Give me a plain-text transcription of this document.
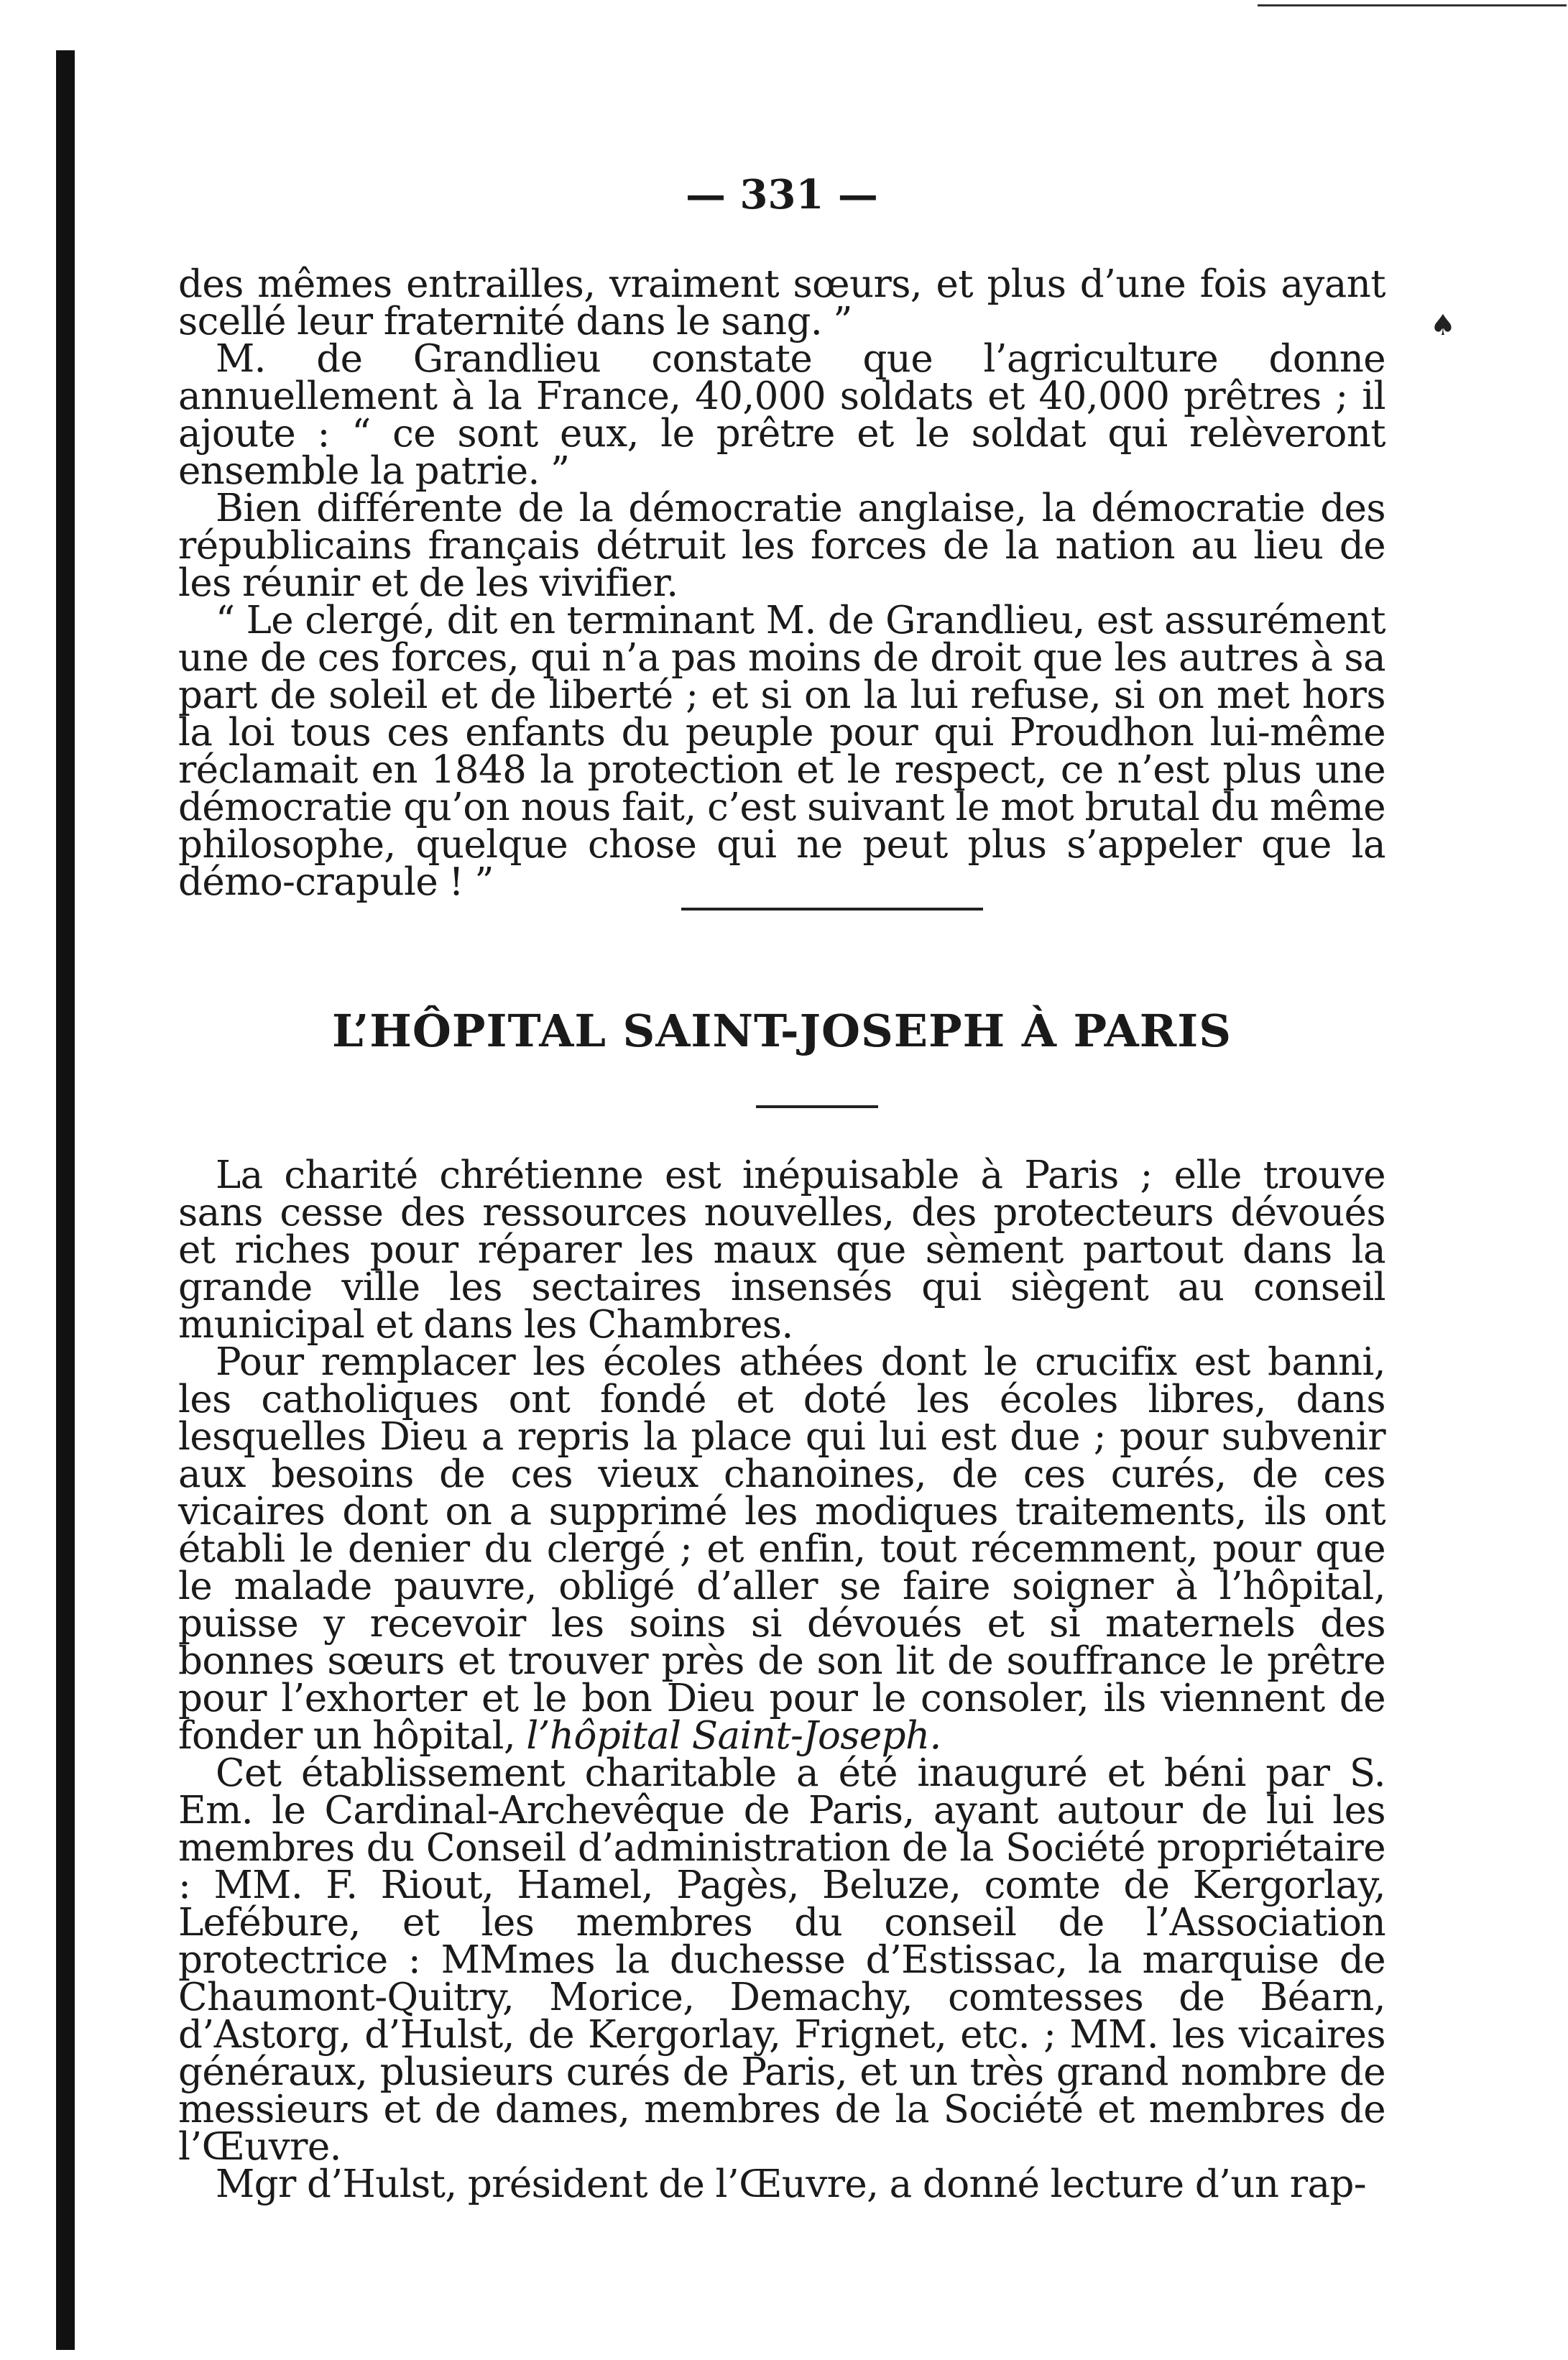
♠
— 331 —

des mêmes entrailles, vraiment sœurs, et plus d’une fois ayant scellé leur fraternité dans le sang. ”

M. de Grandlieu constate que l’agriculture donne annuellement à la France, 40,000 soldats et 40,000 prêtres ; il ajoute : “ ce sont eux, le prêtre et le soldat qui relèveront ensemble la patrie. ”

Bien différente de la démocratie anglaise, la démocratie des républicains français détruit les forces de la nation au lieu de les réunir et de les vivifier.

“ Le clergé, dit en terminant M. de Grandlieu, est assurément une de ces forces, qui n’a pas moins de droit que les autres à sa part de soleil et de liberté ; et si on la lui refuse, si on met hors la loi tous ces enfants du peuple pour qui Proudhon lui-même réclamait en 1848 la protection et le respect, ce n’est plus une démocratie qu’on nous fait, c’est suivant le mot brutal du même philosophe, quelque chose qui ne peut plus s’appeler que la démo-crapule ! ”

L’HÔPITAL SAINT-JOSEPH À PARIS

La charité chrétienne est inépuisable à Paris ; elle trouve sans cesse des ressources nouvelles, des protecteurs dévoués et riches pour réparer les maux que sèment partout dans la grande ville les sectaires insensés qui siègent au conseil municipal et dans les Chambres.

Pour remplacer les écoles athées dont le crucifix est banni, les catholiques ont fondé et doté les écoles libres, dans lesquelles Dieu a repris la place qui lui est due ; pour subvenir aux besoins de ces vieux chanoines, de ces curés, de ces vicaires dont on a supprimé les modiques traitements, ils ont établi le denier du clergé ; et enfin, tout récemment, pour que le malade pauvre, obligé d’aller se faire soigner à l’hôpital, puisse y recevoir les soins si dévoués et si maternels des bonnes sœurs et trouver près de son lit de souffrance le prêtre pour l’exhorter et le bon Dieu pour le consoler, ils viennent de fonder un hôpital, l’hôpital Saint-Joseph.

Cet établissement charitable a été inauguré et béni par S. Em. le Cardinal-Archevêque de Paris, ayant autour de lui les membres du Conseil d’administration de la Société propriétaire : MM. F. Riout, Hamel, Pagès, Beluze, comte de Kergorlay, Lefébure, et les membres du conseil de l’Association protectrice : MMmes la duchesse d’Estissac, la marquise de Chaumont-Quitry, Morice, Demachy, comtesses de Béarn, d’Astorg, d’Hulst, de Kergorlay, Frignet, etc. ; MM. les vicaires généraux, plusieurs curés de Paris, et un très grand nombre de messieurs et de dames, membres de la Société et membres de l’Œuvre.

Mgr d’Hulst, président de l’Œuvre, a donné lecture d’un rap-
